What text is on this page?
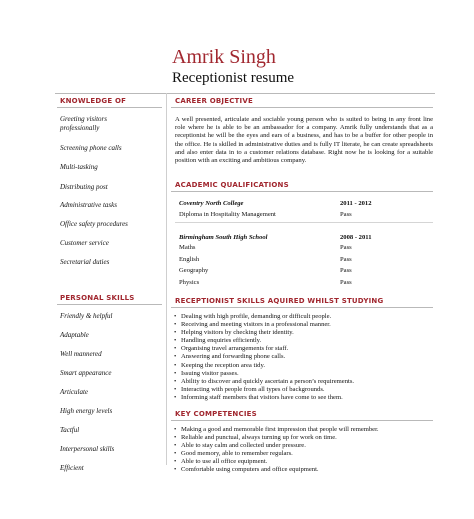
Amrik Singh
Receptionist resume
KNOWLEDGE OF
Greeting visitors professionally
Screening phone calls
Multi-tasking
Distributing post
Administrative tasks
Office safety procedures
Customer service
Secretarial duties
PERSONAL SKILLS
Friendly & helpful
Adaptable
Well mannered
Smart appearance
Articulate
High energy levels
Tactful
Interpersonal skills
Efficient
CAREER OBJECTIVE
A well presented, articulate and sociable young person who is suited to being in any front line role where he is able to be an ambassador for a company. Amrik fully understands that as a receptionist he will be the eyes and ears of a business, and has to be a buffer for other people in the office. He is skilled in administrative duties and is fully IT literate, he can create spreadsheets and also enter data in to a customer relations database. Right now he is looking for a suitable position with an exciting and ambitious company.
ACADEMIC QUALIFICATIONS
Coventry North College	2011 - 2012
Diploma in Hospitality Management	Pass
Birmingham South High School	2008 - 2011
Maths	Pass
English	Pass
Geography	Pass
Physics	Pass
RECEPTIONIST SKILLS AQUIRED WHILST STUDYING
• Dealing with high profile, demanding or difficult people.
• Receiving and meeting visitors in a professional manner.
• Helping visitors by checking their identity.
• Handling enquiries efficiently.
• Organising travel arrangements for staff.
• Answering and forwarding phone calls.
• Keeping the reception area tidy.
• Issuing visitor passes.
• Ability to discover and quickly ascertain a person’s requirements.
• Interacting with people from all types of backgrounds.
• Informing staff members that visitors have come to see them.
KEY COMPETENCIES
• Making a good and memorable first impression that people will remember.
• Reliable and punctual, always turning up for work on time.
• Able to stay calm and collected under pressure.
• Good memory, able to remember regulars.
• Able to use all office equipment.
• Comfortable using computers and office equipment.
